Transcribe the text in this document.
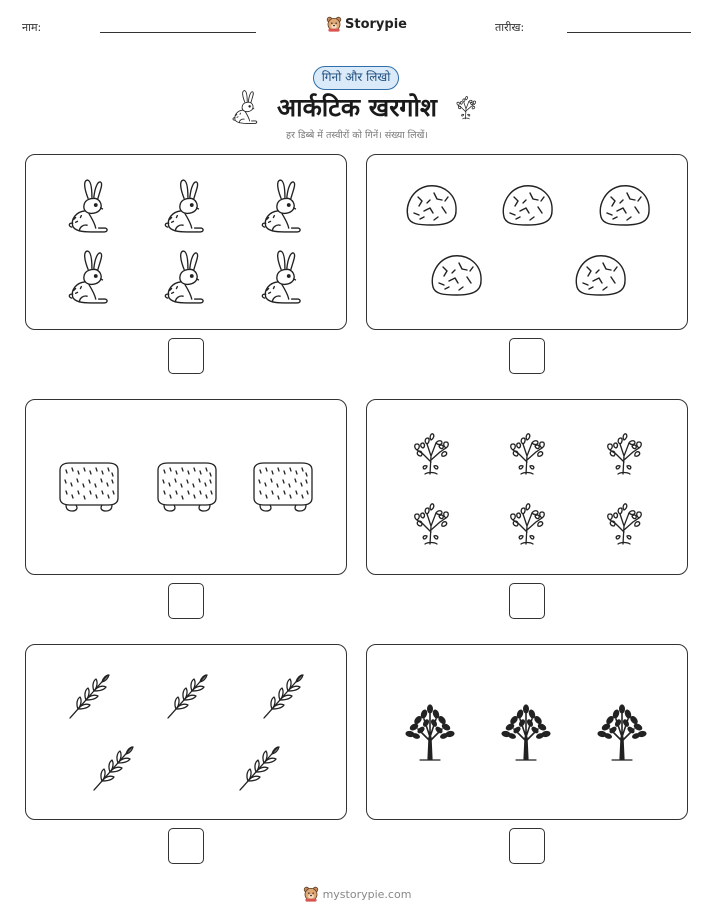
नाम:	Storypie	तारीख:
गिनो और लिखो
आर्कटिक खरगोश
हर डिब्बे में तस्वीरों को गिनें। संख्या लिखें।
mystorypie.com
